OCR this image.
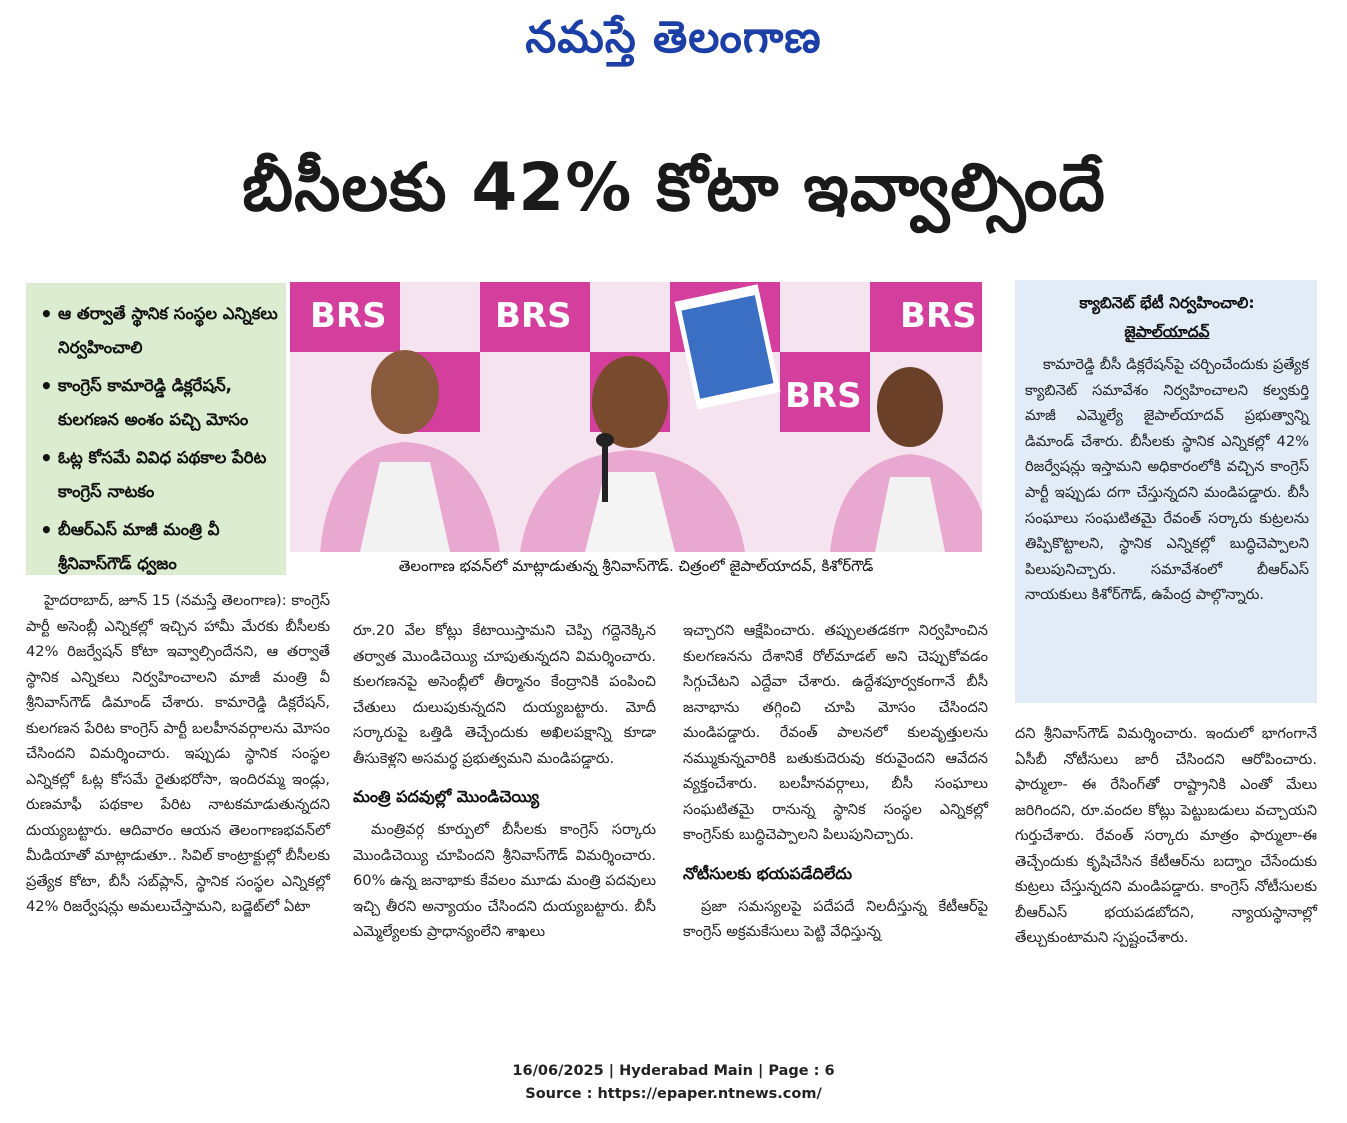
నమస్తే తెలంగాణ
బీసీలకు 42% కోటా ఇవ్వాల్సిందే
• ఆ తర్వాతే స్థానిక సంస్థల ఎన్నికలు నిర్వహించాలి
• కాంగ్రెస్ కామారెడ్డి డిక్లరేషన్, కులగణన అంశం పచ్చి మోసం
• ఓట్ల కోసమే వివిధ పథకాల పేరిట కాంగ్రెస్ నాటకం
• బీఆర్ఎస్ మాజీ మంత్రి వీ శ్రీనివాస్‌గౌడ్ ధ్వజం
BRS	BRS	BRS
BRS
తెలంగాణ భవన్‌లో మాట్లాడుతున్న శ్రీనివాస్‌గౌడ్. చిత్రంలో జైపాల్‌యాదవ్, కిశోర్‌గౌడ్
క్యాబినెట్ భేటీ నిర్వహించాలి:
జైపాల్‌యాదవ్

కామారెడ్డి బీసీ డిక్లరేషన్‌పై చర్చించేందుకు ప్రత్యేక క్యాబినెట్ సమావేశం నిర్వహించాలని కల్వకుర్తి మాజీ ఎమ్మెల్యే జైపాల్‌యాదవ్ ప్రభుత్వాన్ని డిమాండ్ చేశారు. బీసీలకు స్థానిక ఎన్నికల్లో 42% రిజర్వేషన్లు ఇస్తామని అధికారంలోకి వచ్చిన కాంగ్రెస్ పార్టీ ఇప్పుడు దగా చేస్తున్నదని మండిపడ్డారు. బీసీ సంఘాలు సంఘటితమై రేవంత్ సర్కారు కుట్రలను తిప్పికొట్టాలని, స్థానిక ఎన్నికల్లో బుద్ధిచెప్పాలని పిలుపునిచ్చారు. సమావేశంలో బీఆర్ఎస్ నాయకులు కిశోర్‌గౌడ్, ఉపేంద్ర పాల్గొన్నారు.

హైదరాబాద్, జూన్ 15 (నమస్తే తెలంగాణ): కాంగ్రెస్ పార్టీ అసెంబ్లీ ఎన్నికల్లో ఇచ్చిన హామీ మేరకు బీసీలకు 42% రిజర్వేషన్ కోటా ఇవ్వాల్సిందేనని, ఆ తర్వాతే స్థానిక ఎన్నికలు నిర్వహించాలని మాజీ మంత్రి వీ శ్రీనివాస్‌గౌడ్ డిమాండ్ చేశారు. కామారెడ్డి డిక్లరేషన్, కులగణన పేరిట కాంగ్రెస్ పార్టీ బలహీనవర్గాలను మోసం చేసిందని విమర్శించారు. ఇప్పుడు స్థానిక సంస్థల ఎన్నికల్లో ఓట్ల కోసమే రైతుభరోసా, ఇందిరమ్మ ఇండ్లు, రుణమాఫీ పథకాల పేరిట నాటకమాడుతున్నదని దుయ్యబట్టారు. ఆదివారం ఆయన తెలంగాణభవన్‌లో మీడియాతో మాట్లాడుతూ.. సివిల్ కాంట్రాక్టుల్లో బీసీలకు ప్రత్యేక కోటా, బీసీ సబ్‌ప్లాన్, స్థానిక సంస్థల ఎన్నికల్లో 42% రిజర్వేషన్లు అమలుచేస్తామని, బడ్జెట్‌లో ఏటా

రూ.20 వేల కోట్లు కేటాయిస్తామని చెప్పి గద్దెనెక్కిన తర్వాత మొండిచెయ్యి చూపుతున్నదని విమర్శించారు. కులగణనపై అసెంబ్లీలో తీర్మానం కేంద్రానికి పంపించి చేతులు దులుపుకున్నదని దుయ్యబట్టారు. మోదీ సర్కారుపై ఒత్తిడి తెచ్చేందుకు అఖిలపక్షాన్ని కూడా తీసుకెళ్లని అసమర్థ ప్రభుత్వమని మండిపడ్డారు.

మంత్రి పదవుల్లో మొండిచెయ్యి

మంత్రివర్గ కూర్పులో బీసీలకు కాంగ్రెస్ సర్కారు మొండిచెయ్యి చూపిందని శ్రీనివాస్‌గౌడ్ విమర్శించారు. 60% ఉన్న జనాభాకు కేవలం మూడు మంత్రి పదవులు ఇచ్చి తీరని అన్యాయం చేసిందని దుయ్యబట్టారు. బీసీ ఎమ్మెల్యేలకు ప్రాధాన్యంలేని శాఖలు

ఇచ్చారని ఆక్షేపించారు. తప్పులతడకగా నిర్వహించిన కులగణనను దేశానికే రోల్‌మాడల్ అని చెప్పుకోవడం సిగ్గుచేటని ఎద్దేవా చేశారు. ఉద్దేశపూర్వకంగానే బీసీ జనాభాను తగ్గించి చూపి మోసం చేసిందని మండిపడ్డారు. రేవంత్ పాలనలో కులవృత్తులను నమ్ముకున్నవారికి బతుకుదెరువు కరువైందని ఆవేదన వ్యక్తంచేశారు. బలహీనవర్గాలు, బీసీ సంఘాలు సంఘటితమై రానున్న స్థానిక సంస్థల ఎన్నికల్లో కాంగ్రెస్‌కు బుద్ధిచెప్పాలని పిలుపునిచ్చారు.

నోటీసులకు భయపడేదిలేదు

ప్రజా సమస్యలపై పదేపదే నిలదీస్తున్న కేటీఆర్‌పై కాంగ్రెస్ అక్రమకేసులు పెట్టి వేధిస్తున్న

దని శ్రీనివాస్‌గౌడ్ విమర్శించారు. ఇందులో భాగంగానే ఏసీబీ నోటీసులు జారీ చేసిందని ఆరోపించారు. ఫార్ములా- ఈ రేసింగ్‌తో రాష్ట్రానికి ఎంతో మేలు జరిగిందని, రూ.వందల కోట్లు పెట్టుబడులు వచ్చాయని గుర్తుచేశారు. రేవంత్ సర్కారు మాత్రం ఫార్ములా-ఈ తెచ్చేందుకు కృషిచేసిన కేటీఆర్‌ను బద్నాం చేసేందుకు కుట్రలు చేస్తున్నదని మండిపడ్డారు. కాంగ్రెస్ నోటీసులకు బీఆర్ఎస్ భయపడబోదని, న్యాయస్థానాల్లో తేల్చుకుంటామని స్పష్టంచేశారు.

16/06/2025 | Hyderabad Main | Page : 6
Source : https://epaper.ntnews.com/
